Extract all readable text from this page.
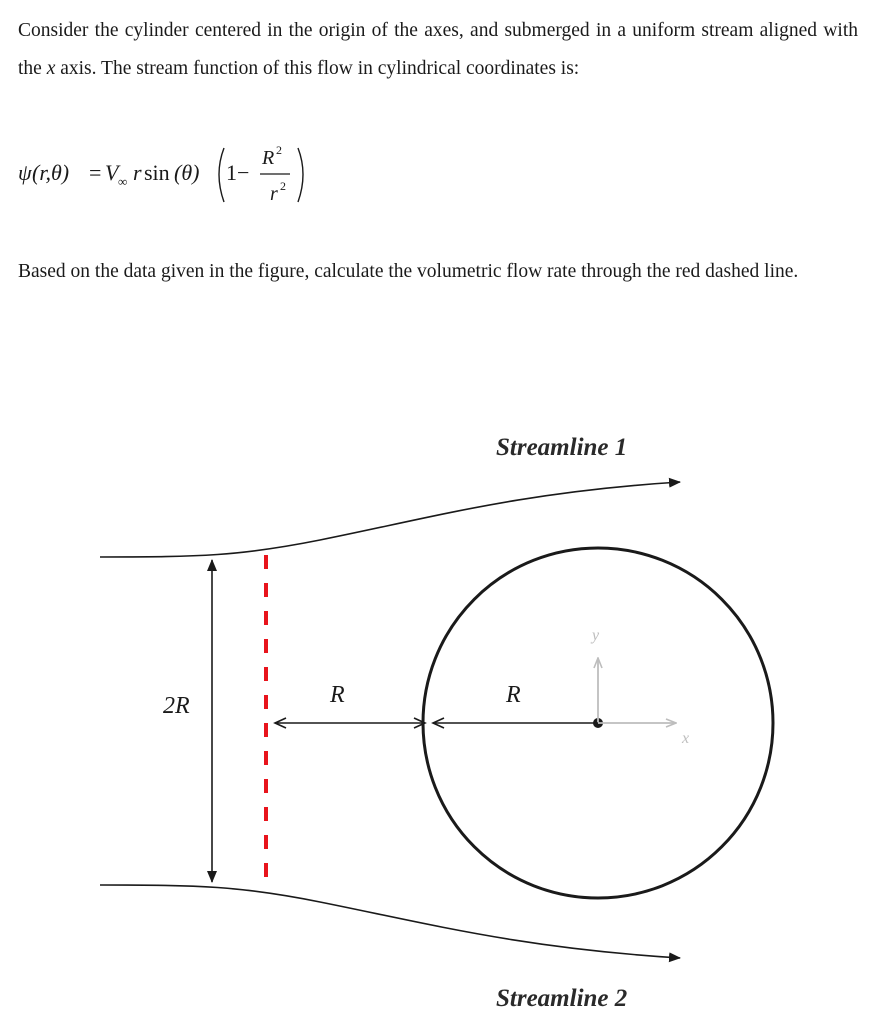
Consider the cylinder centered in the origin of the axes, and submerged in a uniform stream aligned with the x axis. The stream function of this flow in cylindrical coordinates is:

ψ (r,θ) = V ∞ r sin (θ) 1−
R 2
r 2

Based on the data given in the figure, calculate the volumetric flow rate through the red dashed line.

Streamline 1
Streamline 2
2R	R	R
y
x
